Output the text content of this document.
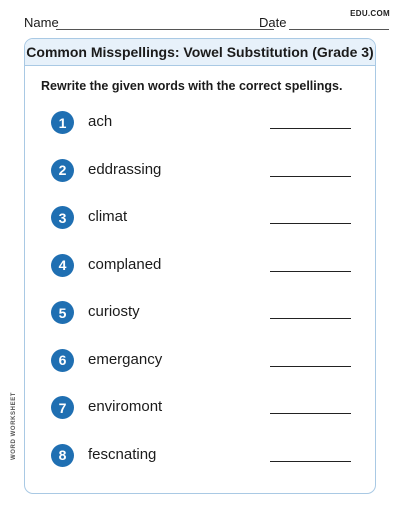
Name	Date
EDU.COM
Common Misspellings: Vowel Substitution (Grade 3)
Rewrite the given words with the correct spellings.
1	ach
2	eddrassing
3	climat
4	complaned
5	curiosty
6	emergancy
7	enviromont
8	fescnating
WORD WORKSHEET
